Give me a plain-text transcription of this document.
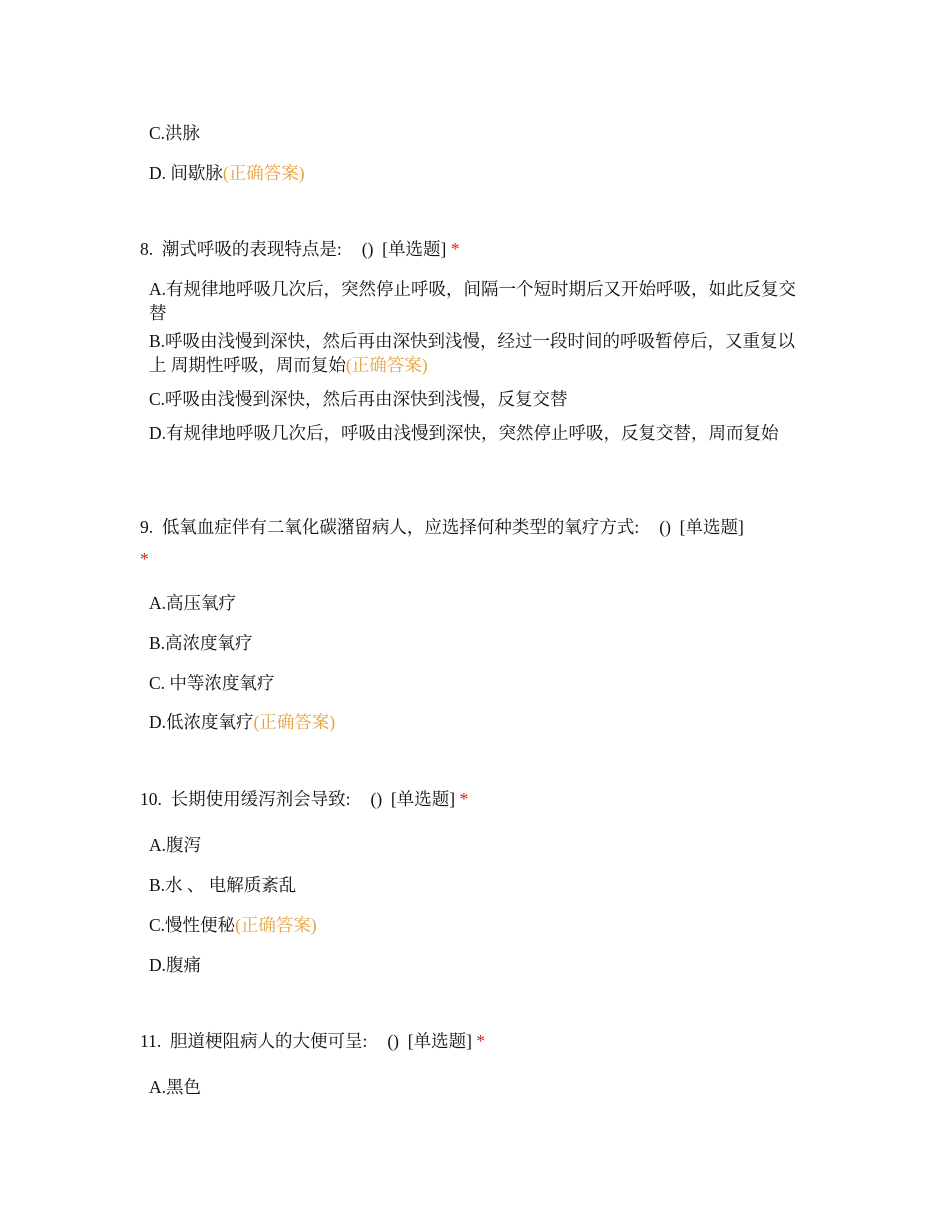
C.洪脉
D. 间歇脉(正确答案)
8.  潮式呼吸的表现特点是: () [单选题] *
A.有规律地呼吸几次后，突然停止呼吸，间隔一个短时期后又开始呼吸，如此反复交替
B.呼吸由浅慢到深快，然后再由深快到浅慢，经过一段时间的呼吸暂停后，又重复以上 周期性呼吸，周而复始(正确答案)
C.呼吸由浅慢到深快，然后再由深快到浅慢，反复交替
D.有规律地呼吸几次后，呼吸由浅慢到深快，突然停止呼吸，反复交替，周而复始
9.  低氧血症伴有二氧化碳潴留病人，应选择何种类型的氧疗方式: () [单选题]
*
A.高压氧疗
B.高浓度氧疗
C. 中等浓度氧疗
D.低浓度氧疗(正确答案)
10.  长期使用缓泻剂会导致: () [单选题] *
A.腹泻
B.水 、 电解质紊乱
C.慢性便秘(正确答案)
D.腹痛
11.  胆道梗阻病人的大便可呈: () [单选题] *
A.黑色
